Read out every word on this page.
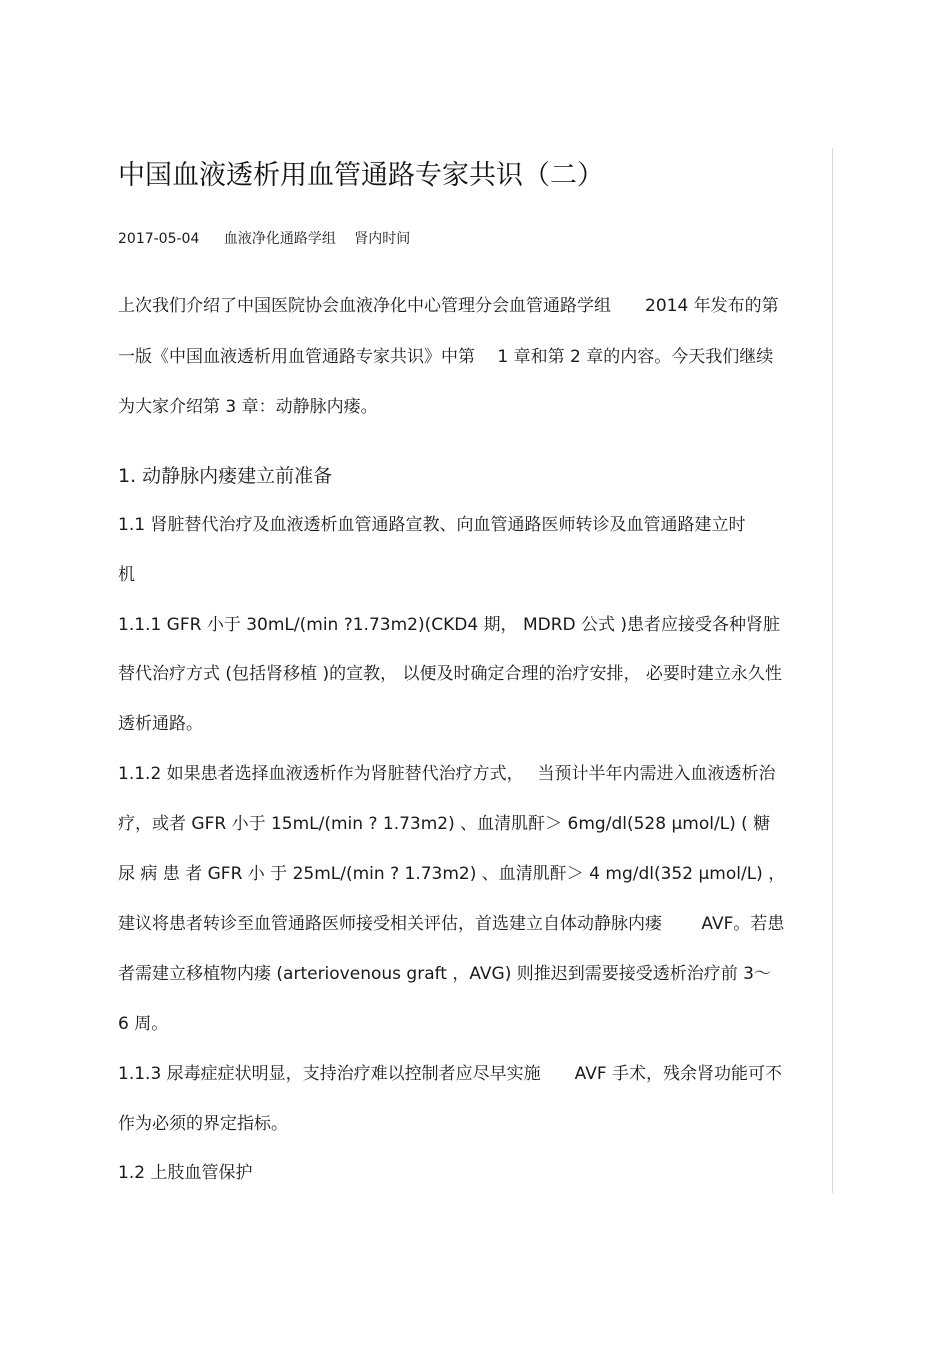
中国血液透析用血管通路专家共识（二）
2017-05-04 血液净化通路学组 肾内时间
上次我们介绍了中国医院协会血液净化中心管理分会血管通路学组　　2014 年发布的第
一版《中国血液透析用血管通路专家共识》中第　 1 章和第 2 章的内容。今天我们继续
为大家介绍第 3 章：动静脉内瘘。
1. 动静脉内瘘建立前准备
1.1 肾脏替代治疗及血液透析血管通路宣教、向血管通路医师转诊及血管通路建立时
机
1.1.1 GFR 小于 30mL/(min ?1.73m2)(CKD4 期， MDRD 公式 )患者应接受各种肾脏
替代治疗方式 (包括肾移植 )的宣教， 以便及时确定合理的治疗安排， 必要时建立永久性
透析通路。
1.1.2 如果患者选择血液透析作为肾脏替代治疗方式，　 当预计半年内需进入血液透析治
疗，或者 GFR 小于 15mL/(min ? 1.73m2) 、血清肌酐＞ 6mg/dl(528 μmol/L) ( 糖
尿 病 患 者 GFR 小 于 25mL/(min ? 1.73m2) 、血清肌酐＞ 4 mg/dl(352 μmol/L) ，
建议将患者转诊至血管通路医师接受相关评估，首选建立自体动静脉内瘘　　 AVF。若患
者需建立移植物内瘘 (arteriovenous graft ，AVG) 则推迟到需要接受透析治疗前 3～
6 周。
1.1.3 尿毒症症状明显，支持治疗难以控制者应尽早实施　　AVF 手术，残余肾功能可不
作为必须的界定指标。
1.2 上肢血管保护
